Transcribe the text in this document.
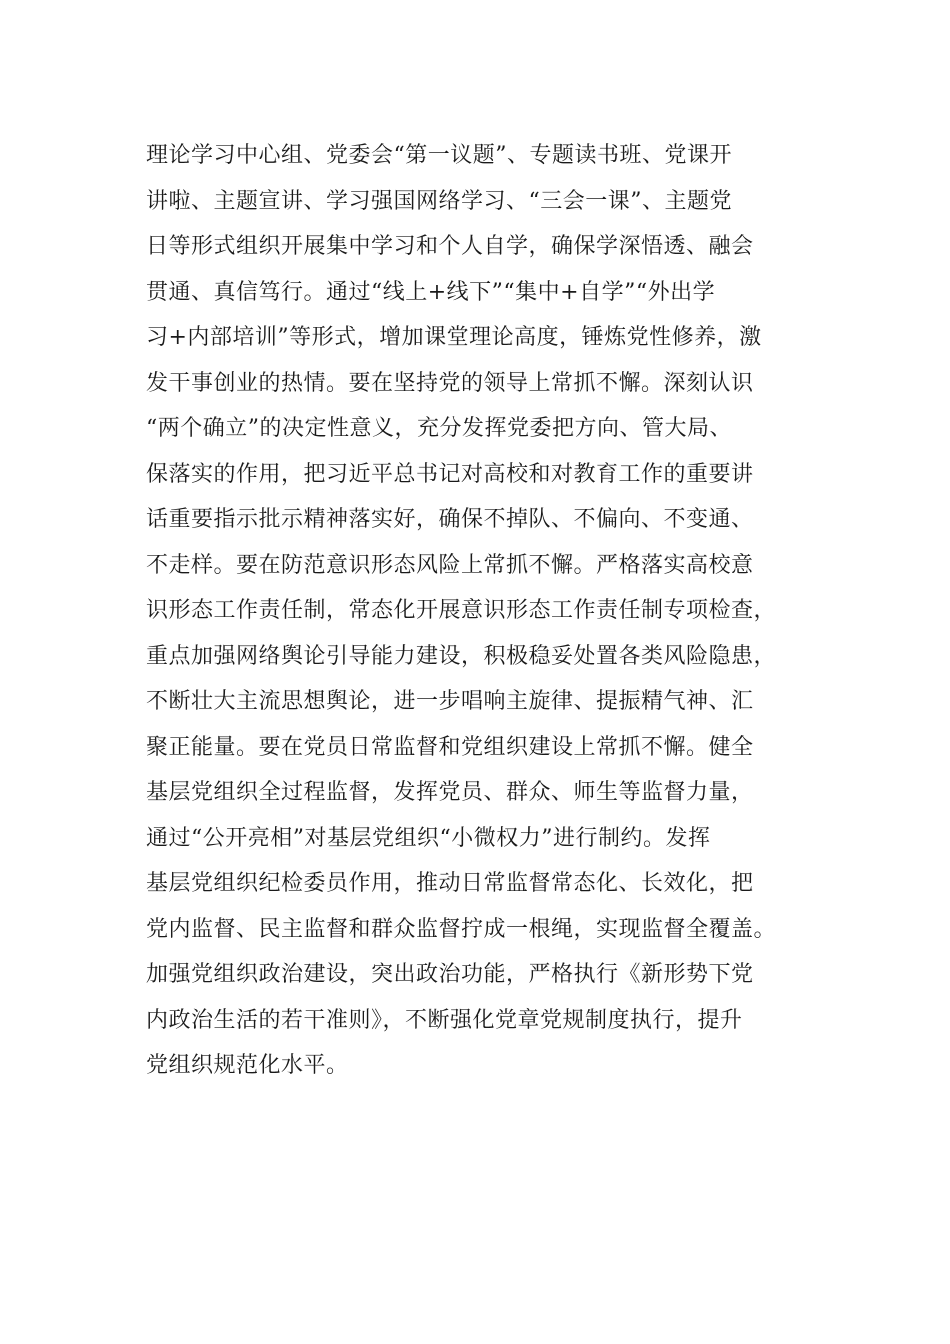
理论学习中心组、党委会“第一议题”、专题读书班、党课开
讲啦、主题宣讲、学习强国网络学习、“三会一课”、主题党
日等形式组织开展集中学习和个人自学，确保学深悟透、融会
贯通、真信笃行。通过“线上+线下”“集中+自学”“外出学
习+内部培训”等形式，增加课堂理论高度，锤炼党性修养，激
发干事创业的热情。要在坚持党的领导上常抓不懈。深刻认识
“两个确立”的决定性意义，充分发挥党委把方向、管大局、
保落实的作用，把习近平总书记对高校和对教育工作的重要讲
话重要指示批示精神落实好，确保不掉队、不偏向、不变通、
不走样。要在防范意识形态风险上常抓不懈。严格落实高校意
识形态工作责任制，常态化开展意识形态工作责任制专项检查，
重点加强网络舆论引导能力建设，积极稳妥处置各类风险隐患，
不断壮大主流思想舆论，进一步唱响主旋律、提振精气神、汇
聚正能量。要在党员日常监督和党组织建设上常抓不懈。健全
基层党组织全过程监督，发挥党员、群众、师生等监督力量，
通过“公开亮相”对基层党组织“小微权力”进行制约。发挥
基层党组织纪检委员作用，推动日常监督常态化、长效化，把
党内监督、民主监督和群众监督拧成一根绳，实现监督全覆盖。
加强党组织政治建设，突出政治功能，严格执行《新形势下党
内政治生活的若干准则》，不断强化党章党规制度执行，提升
党组织规范化水平。
